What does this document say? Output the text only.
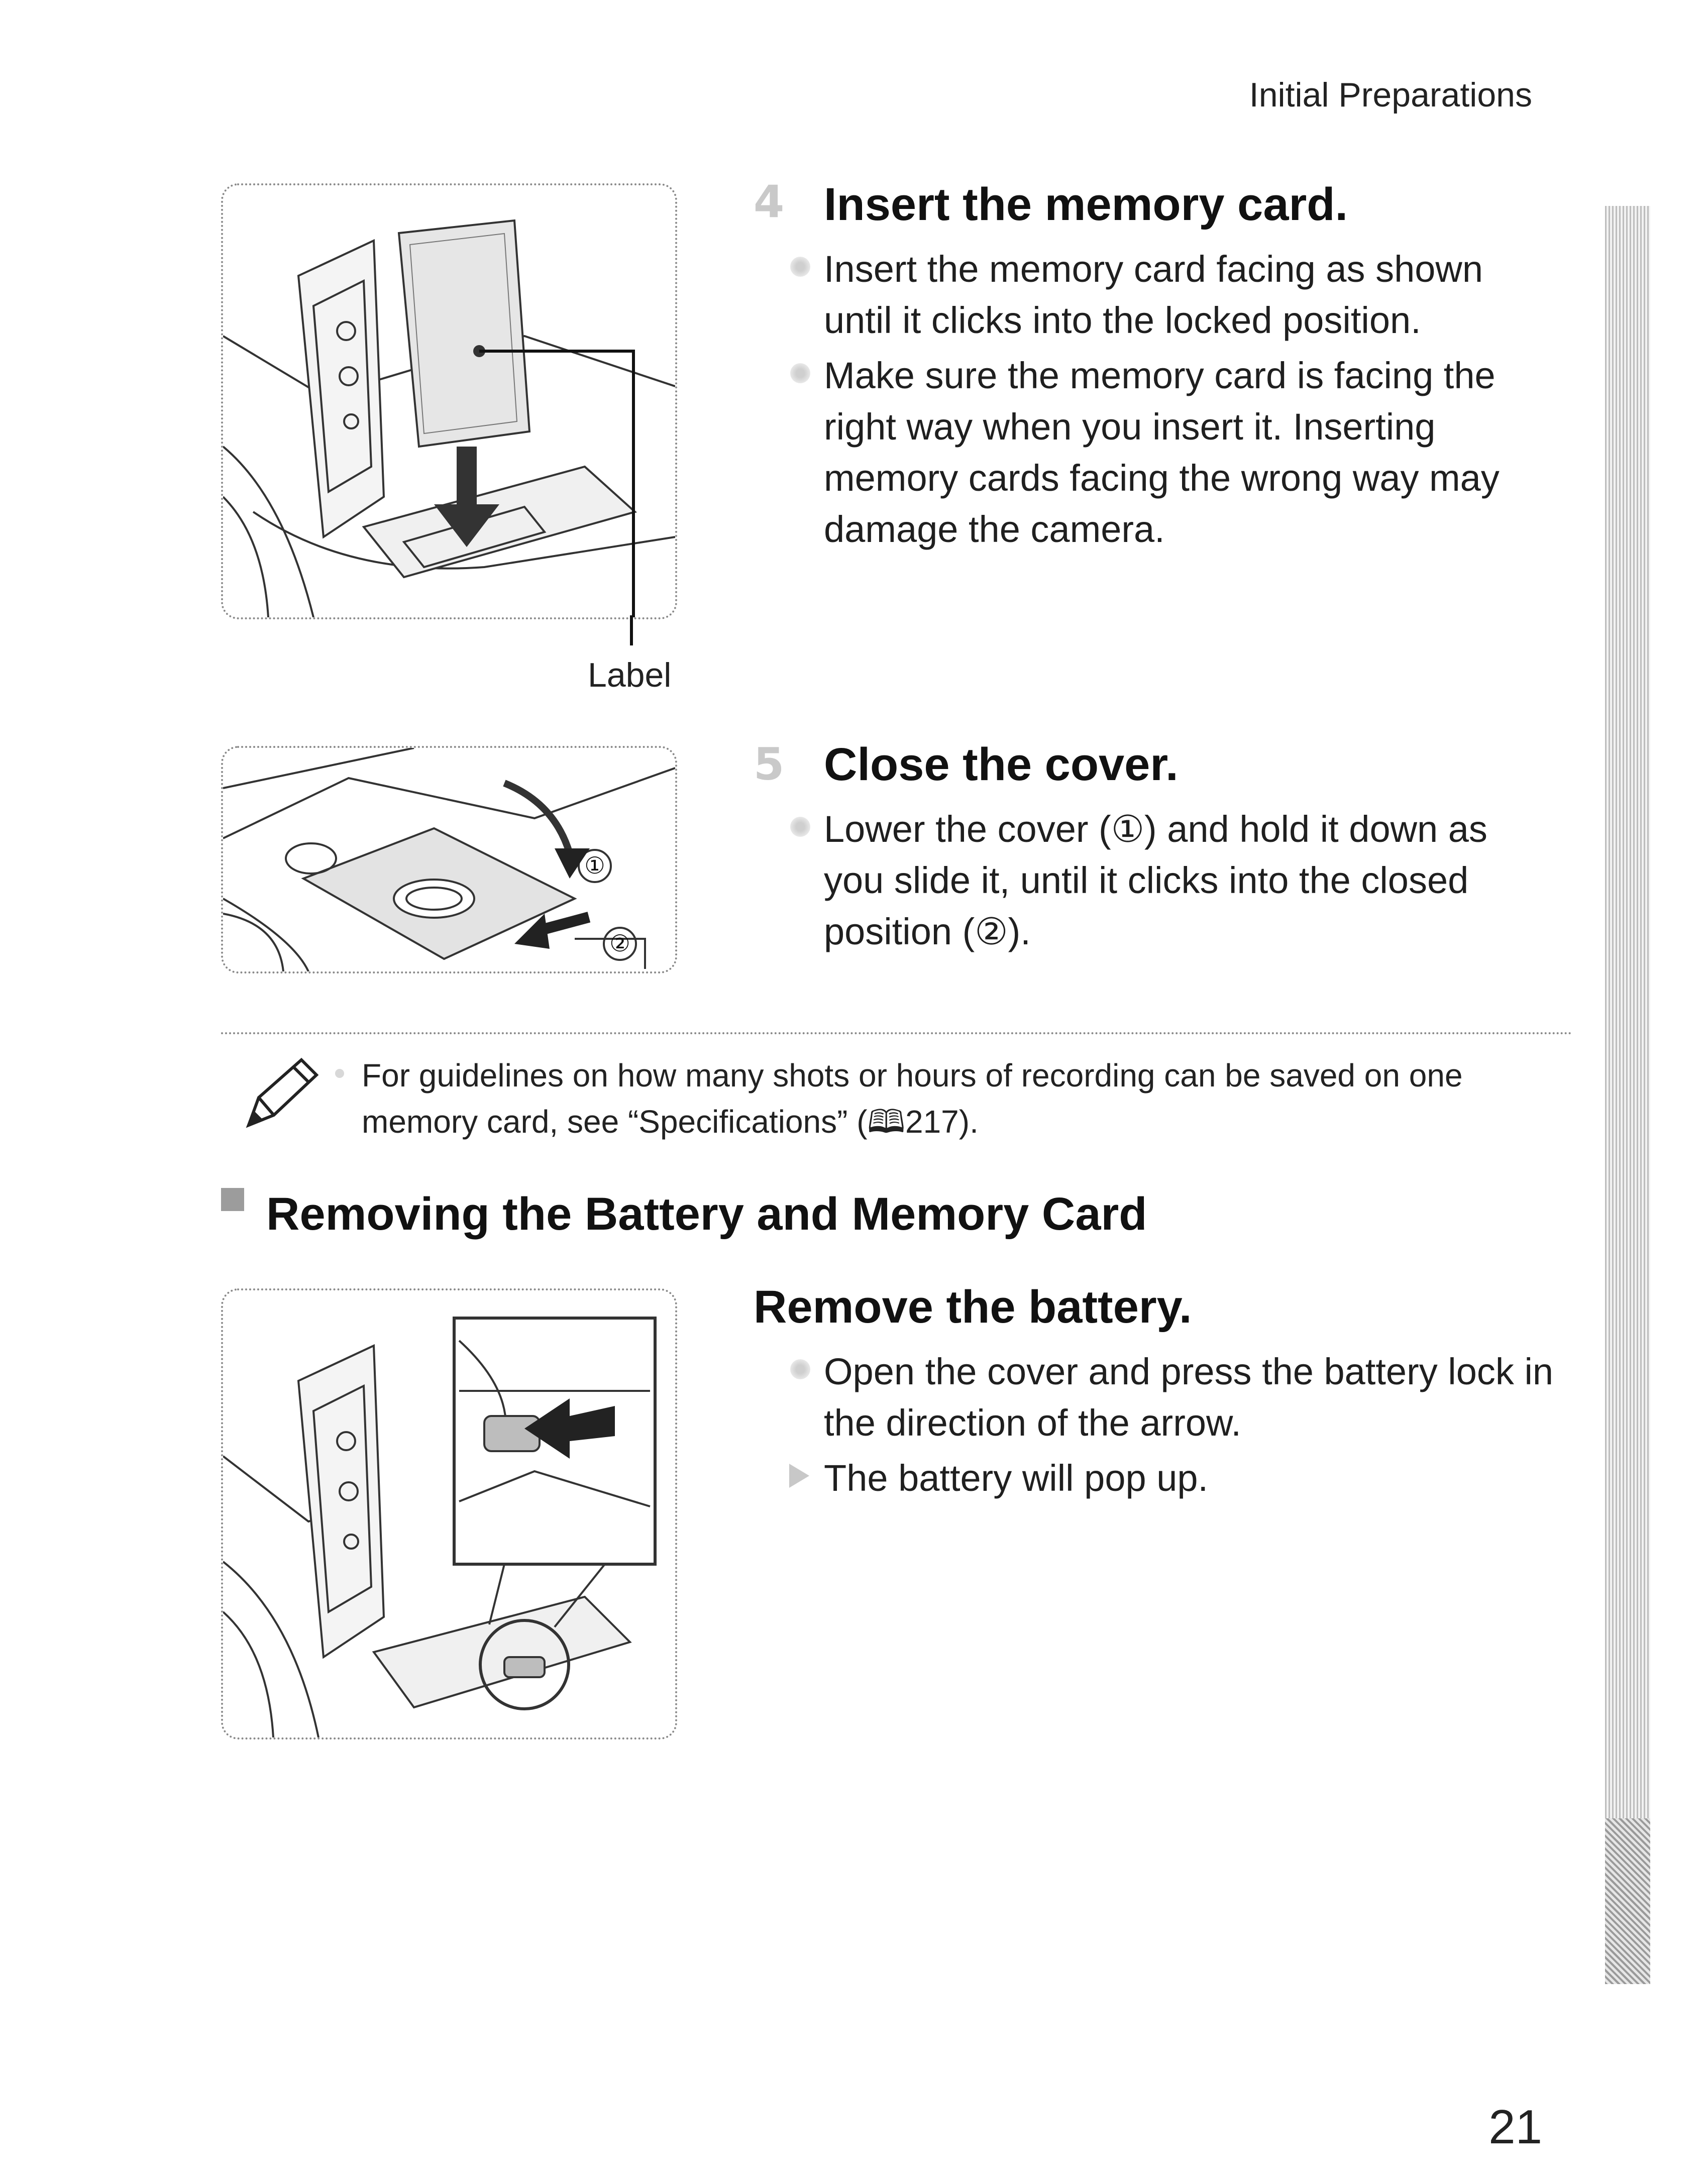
Initial Preparations
Label
4 Insert the memory card.
Insert the memory card facing as shown until it clicks into the locked position.
Make sure the memory card is facing the right way when you insert it. Inserting memory cards facing the wrong way may damage the camera.
①
②
5 Close the cover.
Lower the cover (①) and hold it down as you slide it, until it clicks into the closed position (②).
For guidelines on how many shots or hours of recording can be saved on one memory card, see “Specifications” (🕮217).
Removing the Battery and Memory Card
Remove the battery.
Open the cover and press the battery lock in the direction of the arrow.
The battery will pop up.
21
